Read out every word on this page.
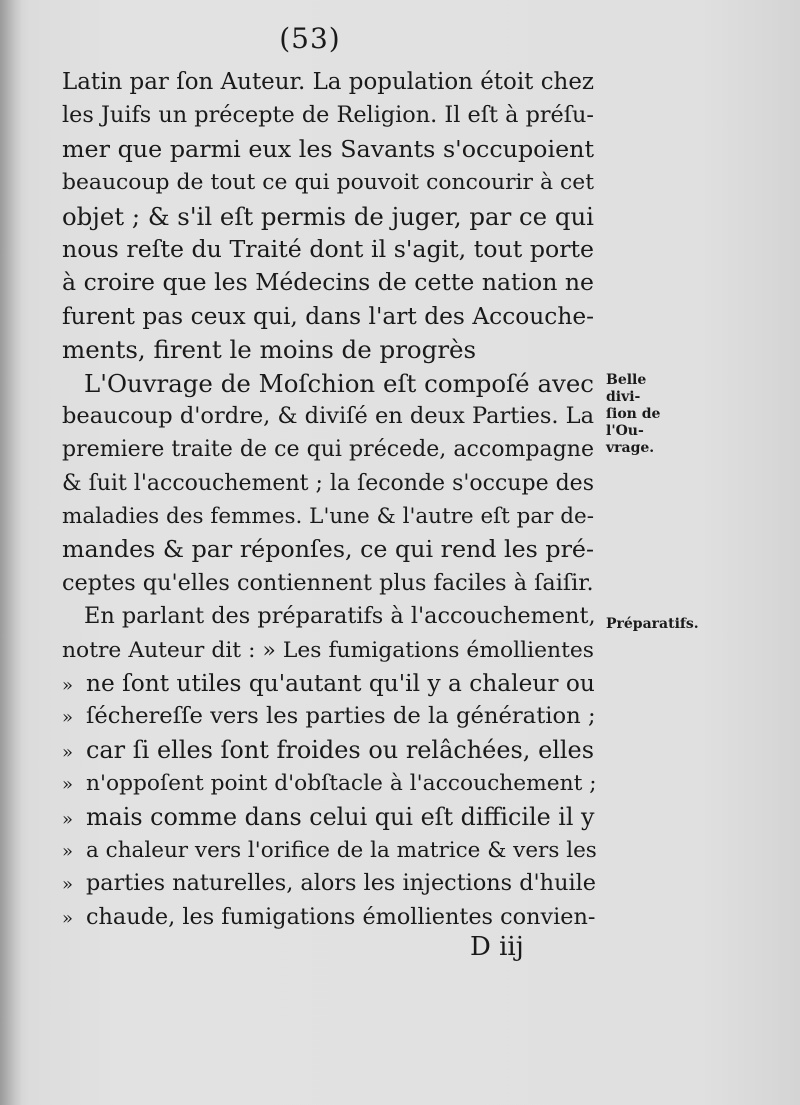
(53)
Latin par ſon Auteur. La population étoit chez
les Juifs un précepte de Religion. Il eſt à préſu-
mer que parmi eux les Savants s'occupoient
beaucoup de tout ce qui pouvoit concourir à cet
objet ; & s'il eſt permis de juger, par ce qui
nous reſte du Traité dont il s'agit, tout porte
à croire que les Médecins de cette nation ne
furent pas ceux qui, dans l'art des Accouche-
ments, firent le moins de progrès
L'Ouvrage de Moſchion eſt compoſé avec
beaucoup d'ordre, & diviſé en deux Parties. La
premiere traite de ce qui précede, accompagne
& ſuit l'accouchement ; la ſeconde s'occupe des
maladies des femmes. L'une & l'autre eſt par de-
mandes & par réponſes, ce qui rend les pré-
ceptes qu'elles contiennent plus faciles à ſaiſir.
En parlant des préparatifs à l'accouchement,
notre Auteur dit : » Les fumigations émollientes
» ne ſont utiles qu'autant qu'il y a chaleur ou
» ſéchereſſe vers les parties de la génération ;
» car ſi elles ſont froides ou relâchées, elles
» n'oppoſent point d'obſtacle à l'accouchement ;
» mais comme dans celui qui eſt difficile il y
» a chaleur vers l'orifice de la matrice & vers les
» parties naturelles, alors les injections d'huile
» chaude, les fumigations émollientes convien-
Belle divi-
ſion de l'Ou-
vrage.
Préparatifs.
D iij
